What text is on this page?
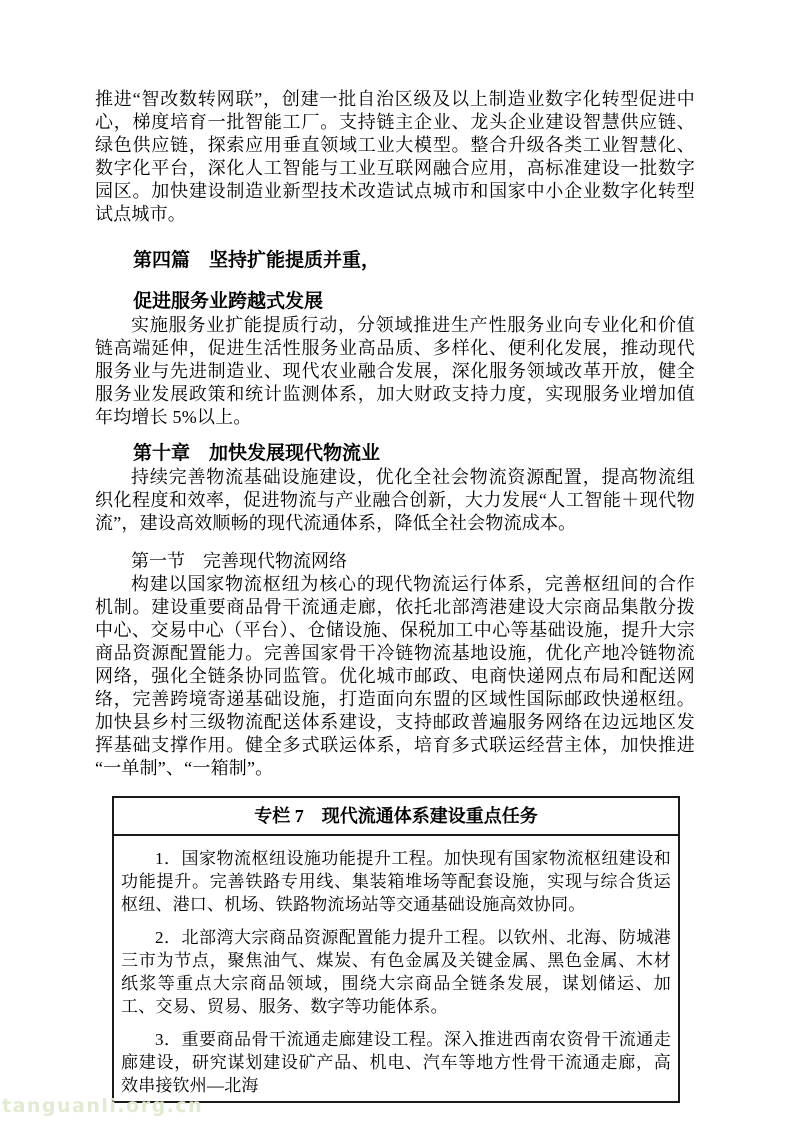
推进“智改数转网联”，创建一批自治区级及以上制造业数字化转型促进中心，梯度培育一批智能工厂。支持链主企业、龙头企业建设智慧供应链、绿色供应链，探索应用垂直领域工业大模型。整合升级各类工业智慧化、数字化平台，深化人工智能与工业互联网融合应用，高标准建设一批数字园区。加快建设制造业新型技术改造试点城市和国家中小企业数字化转型试点城市。

第四篇　坚持扩能提质并重，
促进服务业跨越式发展

实施服务业扩能提质行动，分领域推进生产性服务业向专业化和价值链高端延伸，促进生活性服务业高品质、多样化、便利化发展，推动现代服务业与先进制造业、现代农业融合发展，深化服务领域改革开放，健全服务业发展政策和统计监测体系，加大财政支持力度，实现服务业增加值年均增长 5%以上。

第十章　加快发展现代物流业

持续完善物流基础设施建设，优化全社会物流资源配置，提高物流组织化程度和效率，促进物流与产业融合创新，大力发展“人工智能＋现代物流”，建设高效顺畅的现代流通体系，降低全社会物流成本。

第一节　完善现代物流网络

构建以国家物流枢纽为核心的现代物流运行体系，完善枢纽间的合作机制。建设重要商品骨干流通走廊，依托北部湾港建设大宗商品集散分拨中心、交易中心（平台）、仓储设施、保税加工中心等基础设施，提升大宗商品资源配置能力。完善国家骨干冷链物流基地设施，优化产地冷链物流网络，强化全链条协同监管。优化城市邮政、电商快递网点布局和配送网络，完善跨境寄递基础设施，打造面向东盟的区域性国际邮政快递枢纽。加快县乡村三级物流配送体系建设，支持邮政普遍服务网络在边远地区发挥基础支撑作用。健全多式联运体系，培育多式联运经营主体，加快推进“一单制”、“一箱制”。

专栏 7　现代流通体系建设重点任务

1．国家物流枢纽设施功能提升工程。加快现有国家物流枢纽建设和功能提升。完善铁路专用线、集装箱堆场等配套设施，实现与综合货运枢纽、港口、机场、铁路物流场站等交通基础设施高效协同。

2．北部湾大宗商品资源配置能力提升工程。以钦州、北海、防城港三市为节点，聚焦油气、煤炭、有色金属及关键金属、黑色金属、木材纸浆等重点大宗商品领域，围绕大宗商品全链条发展，谋划储运、加工、交易、贸易、服务、数字等功能体系。

3．重要商品骨干流通走廊建设工程。深入推进西南农资骨干流通走廊建设，研究谋划建设矿产品、机电、汽车等地方性骨干流通走廊，高效串接钦州—北海

tanguanli.org.cn
